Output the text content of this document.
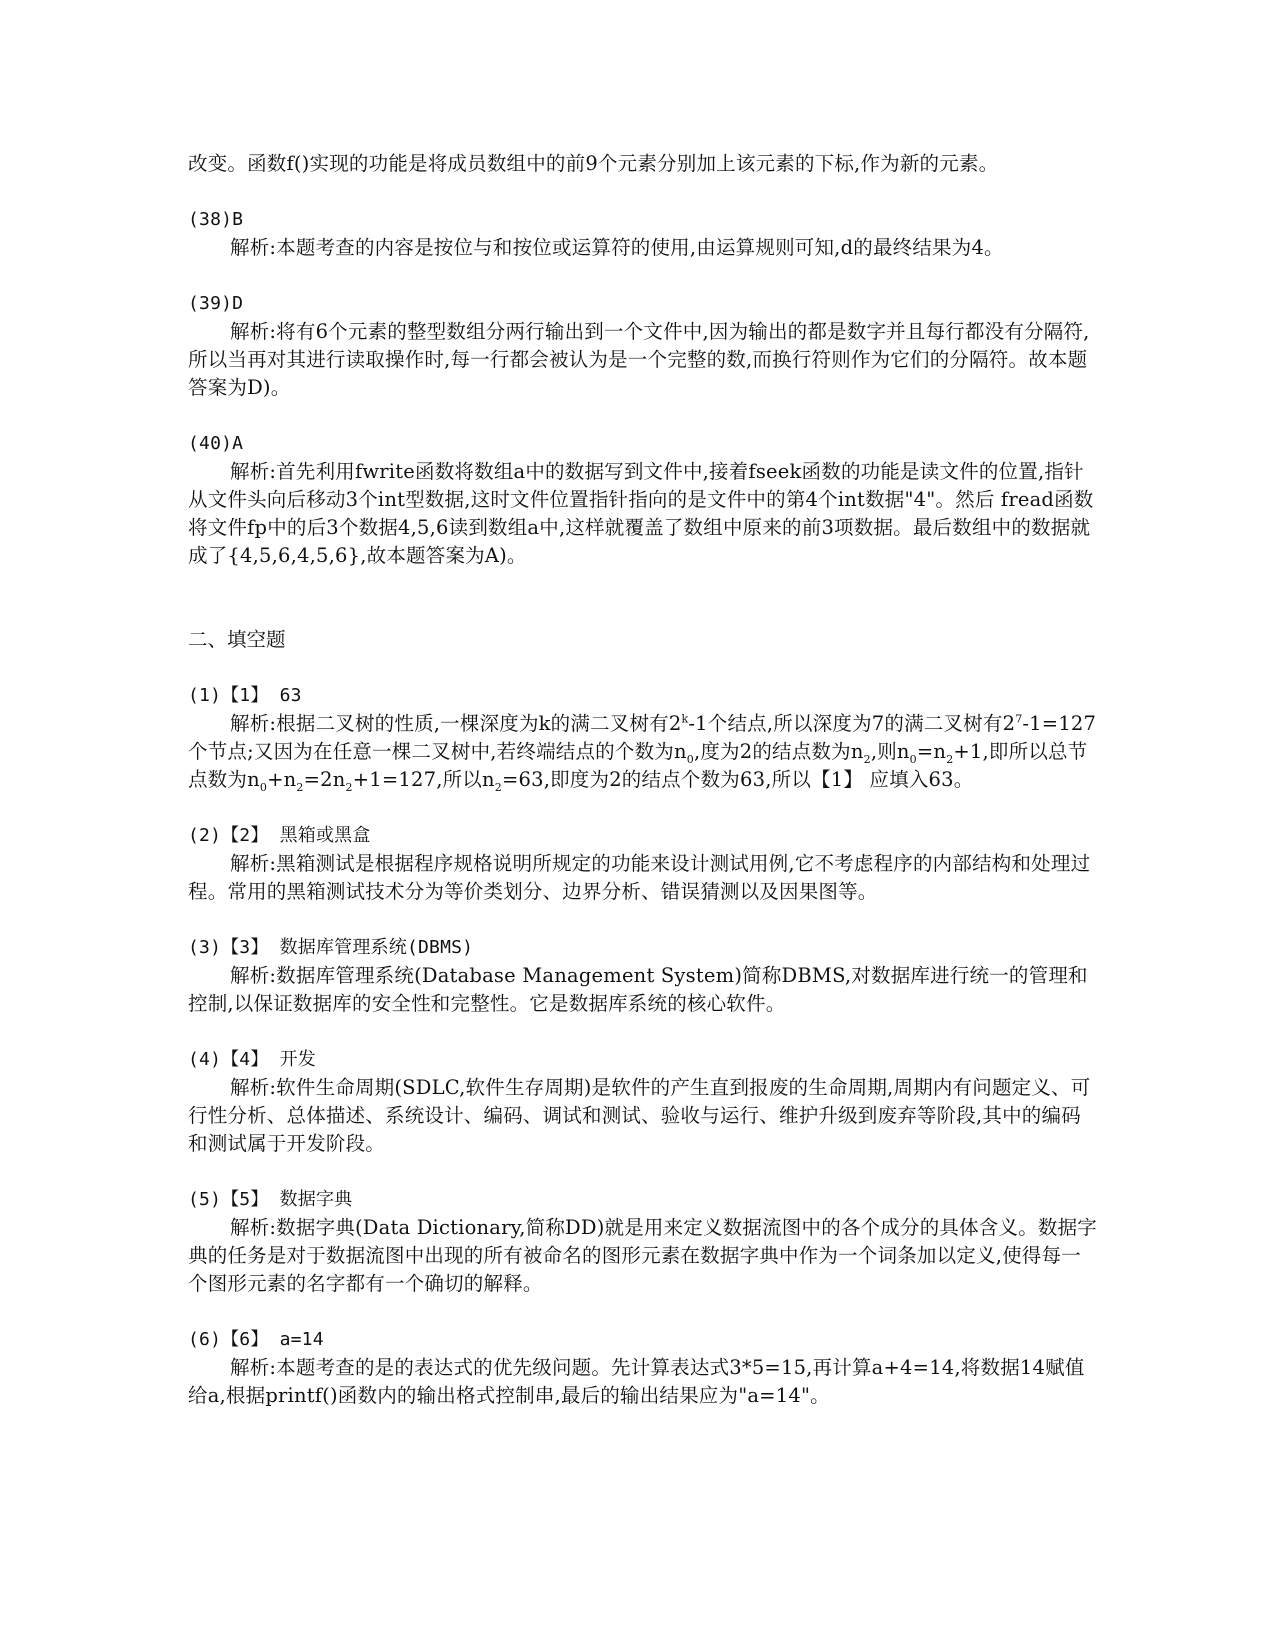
改变。函数f()实现的功能是将成员数组中的前9个元素分别加上该元素的下标,作为新的元素。
(38)B
解析:本题考查的内容是按位与和按位或运算符的使用,由运算规则可知,d的最终结果为4。
(39)D
解析:将有6个元素的整型数组分两行输出到一个文件中,因为输出的都是数字并且每行都没有分隔符,所以当再对其进行读取操作时,每一行都会被认为是一个完整的数,而换行符则作为它们的分隔符。故本题答案为D)。
(40)A
解析:首先利用fwrite函数将数组a中的数据写到文件中,接着fseek函数的功能是读文件的位置,指针从文件头向后移动3个int型数据,这时文件位置指针指向的是文件中的第4个int数据"4"。然后 fread函数将文件fp中的后3个数据4,5,6读到数组a中,这样就覆盖了数组中原来的前3项数据。最后数组中的数据就成了{4,5,6,4,5,6},故本题答案为A)。
二、填空题
(1)【1】 63
解析:根据二叉树的性质,一棵深度为k的满二叉树有2$^k$-1个结点,所以深度为7的满二叉树有$2^7-1=127$个节点;又因为在任意一棵二叉树中,若终端结点的个数为$n_0$,度为2的结点数为$n_2$,则$n_0=n_2+1$,即所以总节点数为$n_0+n_2=2n_2+1=127$,所以$n_2=63$,即度为2的结点个数为63,所以【1】 应填入63。
(2)【2】 黑箱或黑盒
解析:黑箱测试是根据程序规格说明所规定的功能来设计测试用例,它不考虑程序的内部结构和处理过程。常用的黑箱测试技术分为等价类划分、边界分析、错误猜测以及因果图等。
(3)【3】 数据库管理系统(DBMS)
解析:数据库管理系统(Database Management System)简称DBMS,对数据库进行统一的管理和控制,以保证数据库的安全性和完整性。它是数据库系统的核心软件。
(4)【4】 开发
解析:软件生命周期(SDLC,软件生存周期)是软件的产生直到报废的生命周期,周期内有问题定义、可行性分析、总体描述、系统设计、编码、调试和测试、验收与运行、维护升级到废弃等阶段,其中的编码和测试属于开发阶段。
(5)【5】 数据字典
解析:数据字典(Data Dictionary,简称DD)就是用来定义数据流图中的各个成分的具体含义。数据字典的任务是对于数据流图中出现的所有被命名的图形元素在数据字典中作为一个词条加以定义,使得每一个图形元素的名字都有一个确切的解释。
(6)【6】 a=14
解析:本题考查的是的表达式的优先级问题。先计算表达式3*5=15,再计算a+4=14,将数据14赋值给a,根据printf()函数内的输出格式控制串,最后的输出结果应为"a=14"。
